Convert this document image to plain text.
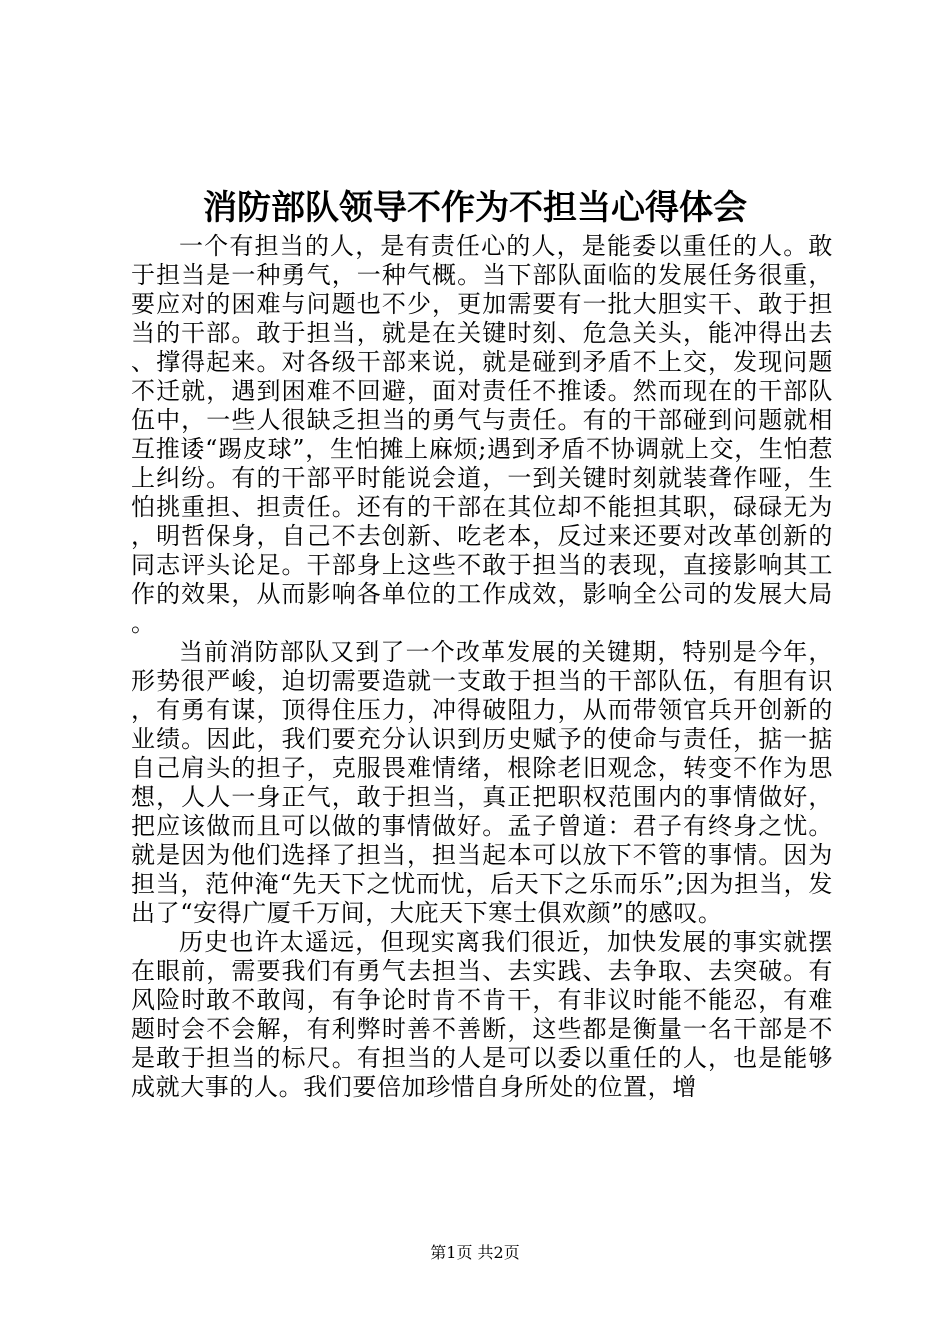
消防部队领导不作为不担当心得体会

一个有担当的人，是有责任心的人，是能委以重任的人。敢于担当是一种勇气，一种气概。当下部队面临的发展任务很重，要应对的困难与问题也不少，更加需要有一批大胆实干、敢于担当的干部。敢于担当，就是在关键时刻、危急关头，能冲得出去、撑得起来。对各级干部来说，就是碰到矛盾不上交，发现问题不迁就，遇到困难不回避，面对责任不推诿。然而现在的干部队伍中，一些人很缺乏担当的勇气与责任。有的干部碰到问题就相互推诿“踢皮球”，生怕摊上麻烦;遇到矛盾不协调就上交，生怕惹上纠纷。有的干部平时能说会道，一到关键时刻就装聋作哑，生怕挑重担、担责任。还有的干部在其位却不能担其职，碌碌无为，明哲保身，自己不去创新、吃老本，反过来还要对改革创新的同志评头论足。干部身上这些不敢于担当的表现，直接影响其工作的效果，从而影响各单位的工作成效，影响全公司的发展大局。

当前消防部队又到了一个改革发展的关键期，特别是今年，形势很严峻，迫切需要造就一支敢于担当的干部队伍，有胆有识，有勇有谋，顶得住压力，冲得破阻力，从而带领官兵开创新的业绩。因此，我们要充分认识到历史赋予的使命与责任，掂一掂自己肩头的担子，克服畏难情绪，根除老旧观念，转变不作为思想，人人一身正气，敢于担当，真正把职权范围内的事情做好，把应该做而且可以做的事情做好。孟子曾道：君子有终身之忧。就是因为他们选择了担当，担当起本可以放下不管的事情。因为担当，范仲淹“先天下之忧而忧，后天下之乐而乐”;因为担当，发出了“安得广厦千万间，大庇天下寒士俱欢颜”的感叹。

历史也许太遥远，但现实离我们很近，加快发展的事实就摆在眼前，需要我们有勇气去担当、去实践、去争取、去突破。有风险时敢不敢闯，有争论时肯不肯干，有非议时能不能忍，有难题时会不会解，有利弊时善不善断，这些都是衡量一名干部是不是敢于担当的标尺。有担当的人是可以委以重任的人，也是能够成就大事的人。我们要倍加珍惜自身所处的位置，增

第1页 共2页
